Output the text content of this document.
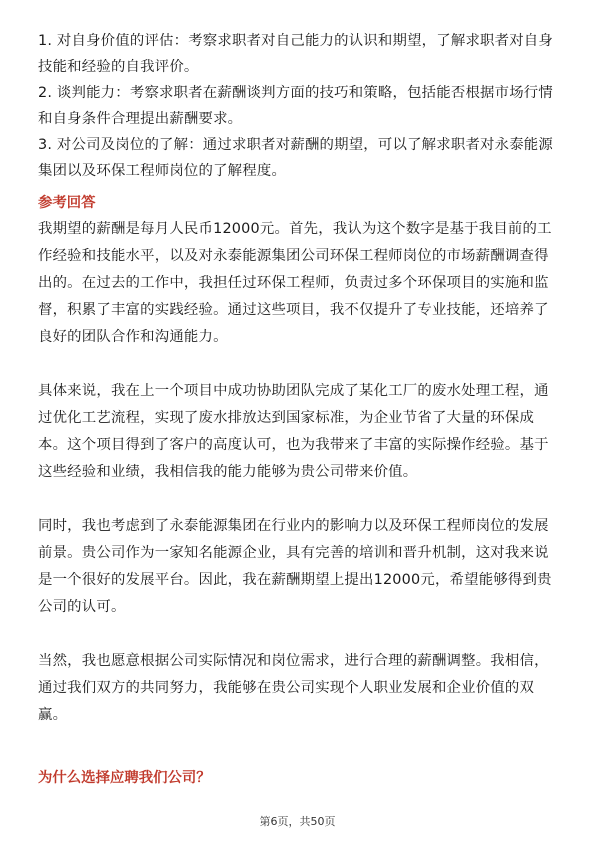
1. 对自身价值的评估：考察求职者对自己能力的认识和期望，了解求职者对自身技能和经验的自我评价。

2. 谈判能力：考察求职者在薪酬谈判方面的技巧和策略，包括能否根据市场行情和自身条件合理提出薪酬要求。

3. 对公司及岗位的了解：通过求职者对薪酬的期望，可以了解求职者对永泰能源集团以及环保工程师岗位的了解程度。

参考回答

我期望的薪酬是每月人民币12000元。首先，我认为这个数字是基于我目前的工作经验和技能水平，以及对永泰能源集团公司环保工程师岗位的市场薪酬调查得出的。在过去的工作中，我担任过环保工程师，负责过多个环保项目的实施和监督，积累了丰富的实践经验。通过这些项目，我不仅提升了专业技能，还培养了良好的团队合作和沟通能力。

具体来说，我在上一个项目中成功协助团队完成了某化工厂的废水处理工程，通过优化工艺流程，实现了废水排放达到国家标准，为企业节省了大量的环保成本。这个项目得到了客户的高度认可，也为我带来了丰富的实际操作经验。基于这些经验和业绩，我相信我的能力能够为贵公司带来价值。

同时，我也考虑到了永泰能源集团在行业内的影响力以及环保工程师岗位的发展前景。贵公司作为一家知名能源企业，具有完善的培训和晋升机制，这对我来说是一个很好的发展平台。因此，我在薪酬期望上提出12000元，希望能够得到贵公司的认可。

当然，我也愿意根据公司实际情况和岗位需求，进行合理的薪酬调整。我相信，通过我们双方的共同努力，我能够在贵公司实现个人职业发展和企业价值的双赢。

为什么选择应聘我们公司？
第6页，共50页
